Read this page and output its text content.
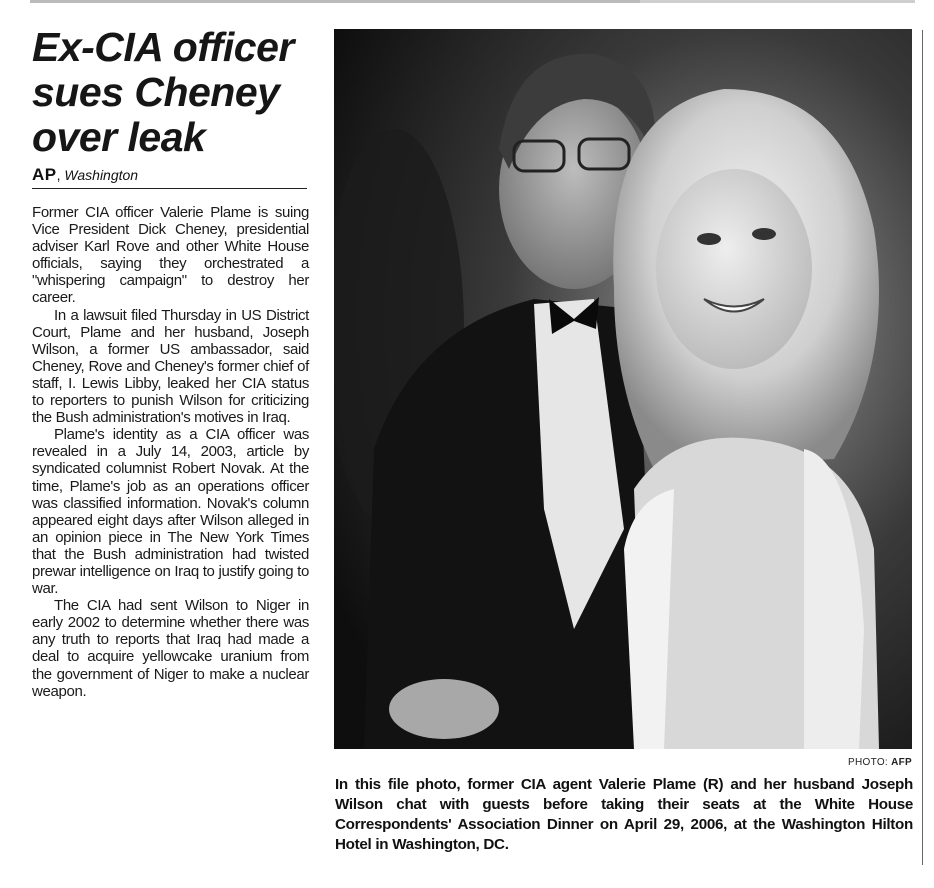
Ex-CIA officer
sues Cheney
over leak
AP, Washington

Former CIA officer Valerie Plame is suing Vice President Dick Cheney, presidential adviser Karl Rove and other White House officials, saying they orchestrated a "whispering campaign" to destroy her career.

In a lawsuit filed Thursday in US District Court, Plame and her husband, Joseph Wilson, a former US ambassador, said Cheney, Rove and Cheney's former chief of staff, I. Lewis Libby, leaked her CIA status to reporters to punish Wilson for criticizing the Bush administration's motives in Iraq.

Plame's identity as a CIA officer was revealed in a July 14, 2003, article by syndicated columnist Robert Novak. At the time, Plame's job as an operations officer was classified information. Novak's column appeared eight days after Wilson alleged in an opinion piece in The New York Times that the Bush administration had twisted prewar intelligence on Iraq to justify going to war.

The CIA had sent Wilson to Niger in early 2002 to determine whether there was any truth to reports that Iraq had made a deal to acquire yellowcake uranium from the government of Niger to make a nuclear weapon.

PHOTO: AFP
In this file photo, former CIA agent Valerie Plame (R) and her husband Joseph Wilson chat with guests before taking their seats at the White House Correspondents' Association Dinner on April 29, 2006, at the Washington Hilton Hotel in Washington, DC.
